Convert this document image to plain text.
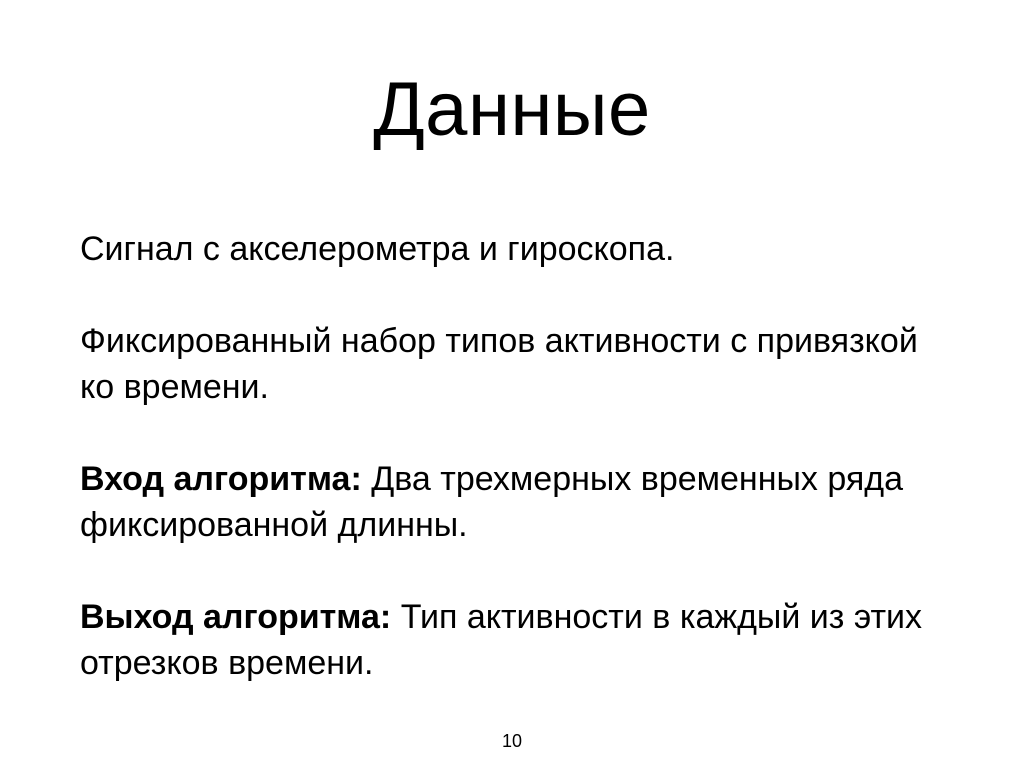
Данные

Сигнал с акселерометра и гироскопа.

Фиксированный набор типов активности с привязкой ко времени.

Вход алгоритма: Два трехмерных временных ряда фиксированной длинны.

Выход алгоритма: Тип активности в каждый из этих отрезков времени.

10
